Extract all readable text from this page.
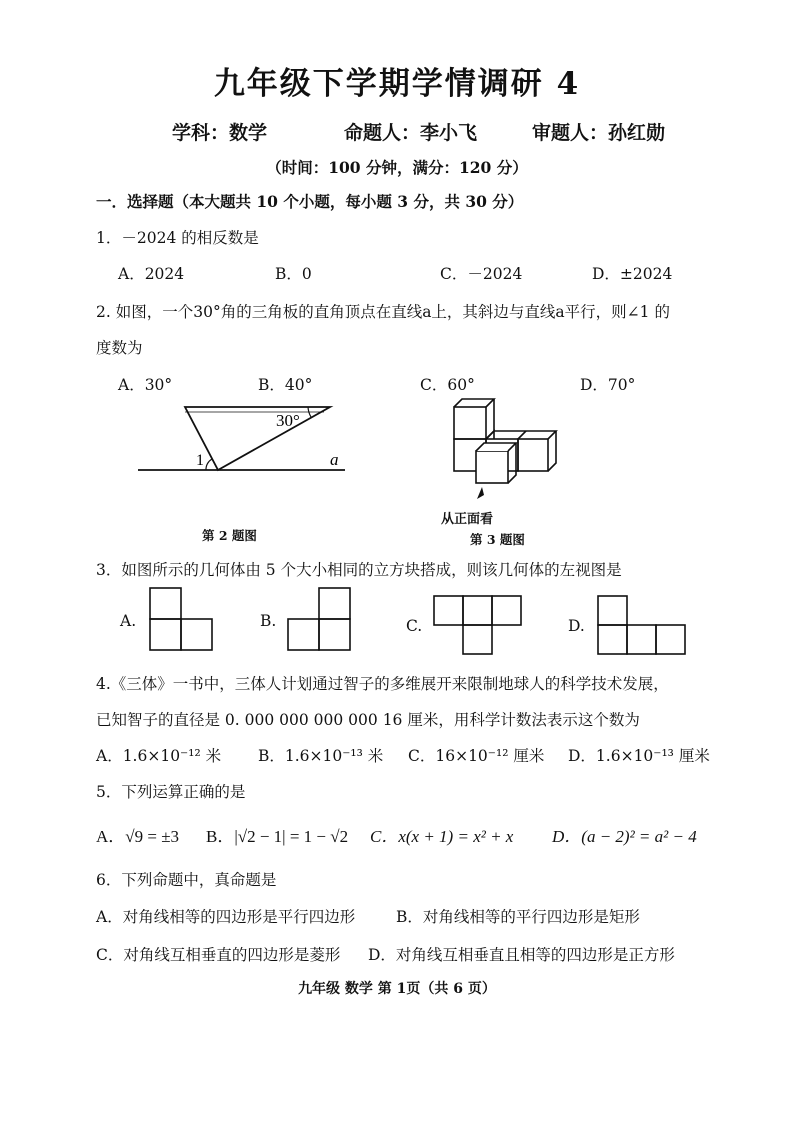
九年级下学期学情调研 4
学科：数学	命题人：李小飞	审题人：孙红勋
（时间：100 分钟，满分：120 分）
一．选择题（本大题共 10 个小题，每小题 3 分，共 30 分）
1．－2024 的相反数是
A．2024	B．0	C．－2024	D．±2024
2. 如图，一个30°角的三角板的直角顶点在直线a上，其斜边与直线a平行，则∠1 的
度数为
A．30°	B．40°	C．60°	D．70°
30°
1	a
第 2 题图
从正面看
第 3 题图
3．如图所示的几何体由 5 个大小相同的立方块搭成，则该几何体的左视图是
A.	B.	C.	D.
4.《三体》一书中，三体人计划通过智子的多维展开来限制地球人的科学技术发展，
已知智子的直径是 0. 000 000 000 000 16 厘米，用科学计数法表示这个数为
A．1.6×10⁻¹² 米 B．1.6×10⁻¹³ 米 C．16×10⁻¹² 厘米 D．1.6×10⁻¹³ 厘米
5．下列运算正确的是
A．√9 = ±3 B．|√2 − 1| = 1 − √2 C．x(x + 1) = x² + x D．(a − 2)² = a² − 4
6．下列命题中，真命题是
A．对角线相等的四边形是平行四边形	B．对角线相等的平行四边形是矩形
C．对角线互相垂直的四边形是菱形 D．对角线互相垂直且相等的四边形是正方形
九年级 数学 第 1页（共 6 页）
